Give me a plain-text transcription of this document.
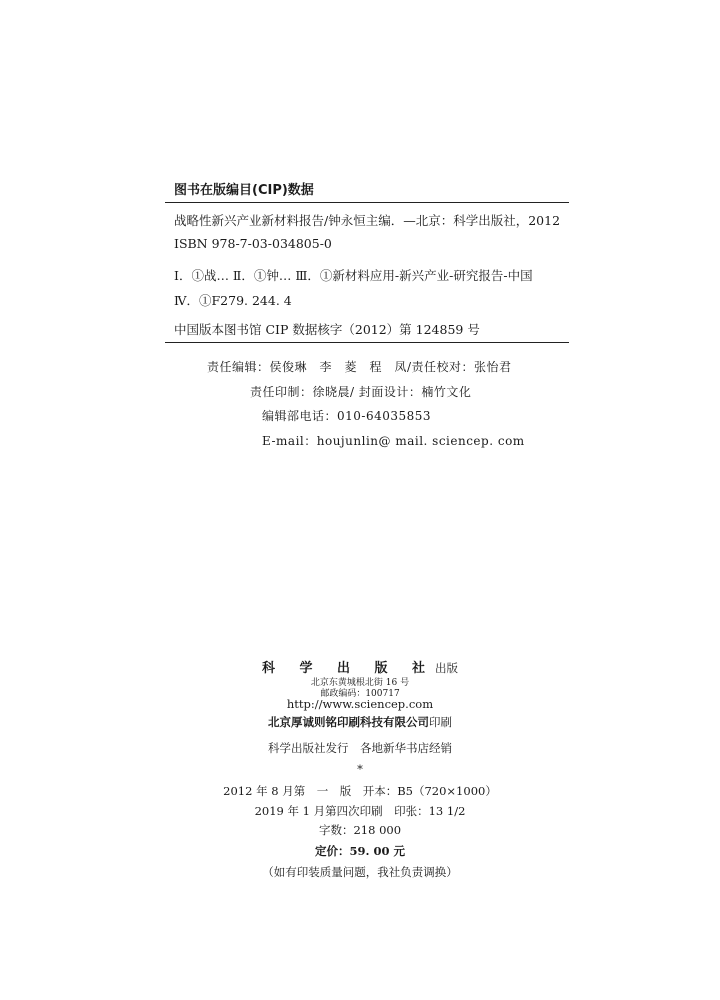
图书在版编目(CIP)数据
战略性新兴产业新材料报告/钟永恒主编．—北京：科学出版社，2012
ISBN 978-7-03-034805-0
Ⅰ．①战… Ⅱ．①钟… Ⅲ．①新材料应用-新兴产业-研究报告-中国
Ⅳ．①F279. 244. 4
中国版本图书馆 CIP 数据核字（2012）第 124859 号
责任编辑：侯俊琳　李　菱　程　凤/责任校对：张怡君
责任印制：徐晓晨/ 封面设计：楠竹文化
编辑部电话：010-64035853
E-mail：houjunlin@ mail. sciencep. com
科 学 出 版 社出版
北京东黄城根北街 16 号
邮政编码：100717
http://www.sciencep.com
北京厚诚则铭印刷科技有限公司印刷
科学出版社发行　各地新华书店经销
*
2012 年 8 月第　一　版　开本：B5（720×1000）
2019 年 1 月第四次印刷　印张：13 1/2
字数：218 000
定价：59. 00 元
（如有印装质量问题，我社负责调换）
